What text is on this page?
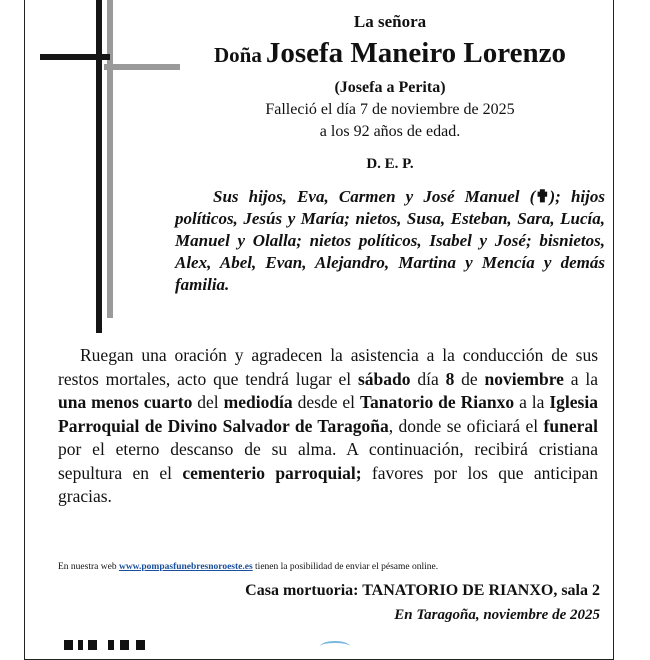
La señora
Doña Josefa Maneiro Lorenzo
(Josefa a Perita)
Falleció el día 7 de noviembre de 2025
a los 92 años de edad.
D. E. P.
Sus hijos, Eva, Carmen y José Manuel (✟); hijos políticos, Jesús y María; nietos, Susa, Esteban, Sara, Lucía, Manuel y Olalla; nietos políticos, Isabel y José; bisnietos, Alex, Abel, Evan, Alejandro, Martina y Mencía y demás familia.
Ruegan una oración y agradecen la asistencia a la conducción de sus restos mortales, acto que tendrá lugar el sábado día 8 de noviembre a la una menos cuarto del mediodía desde el Tanatorio de Rianxo a la Iglesia Parroquial de Divino Salvador de Taragoña, donde se oficiará el funeral por el eterno descanso de su alma. A continuación, recibirá cristiana sepultura en el cementerio parroquial; favores por los que anticipan gracias.
En nuestra web www.pompasfunebresnoroeste.es tienen la posibilidad de enviar el pésame online.
Casa mortuoria: TANATORIO DE RIANXO, sala 2
En Taragoña, noviembre de 2025
